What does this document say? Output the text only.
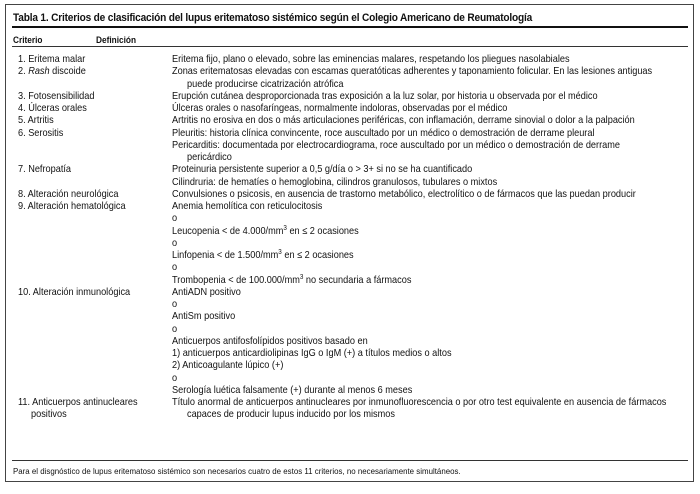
Tabla 1. Criterios de clasificación del lupus eritematoso sistémico según el Colegio Americano de Reumatología
Criterio	Definición
1. Eritema malar	Eritema fijo, plano o elevado, sobre las eminencias malares, respetando los pliegues nasolabiales
2. Rash discoide	Zonas eritematosas elevadas con escamas queratóticas adherentes y taponamiento folicular. En las lesiones antiguas
puede producirse cicatrización atrófica
3. Fotosensibilidad	Erupción cutánea desproporcionada tras exposición a la luz solar, por historia u observada por el médico
4. Úlceras orales	Úlceras orales o nasofaríngeas, normalmente indoloras, observadas por el médico
5. Artritis	Artritis no erosiva en dos o más articulaciones periféricas, con inflamación, derrame sinovial o dolor a la palpación
6. Serositis	Pleuritis: historia clínica convincente, roce auscultado por un médico o demostración de derrame pleural
Pericarditis: documentada por electrocardiograma, roce auscultado por un médico o demostración de derrame
pericárdico
7. Nefropatía	Proteinuria persistente superior a 0,5 g/día o > 3+ si no se ha cuantificado
Cilindruria: de hematíes o hemoglobina, cilindros granulosos, tubulares o mixtos
8. Alteración neurológica	Convulsiones o psicosis, en ausencia de trastorno metabólico, electrolítico o de fármacos que las puedan producir
9. Alteración hematológica	Anemia hemolítica con reticulocitosis
o
Leucopenia < de $4.000/mm^3$ en ≤ 2 ocasiones
o
Linfopenia < de $1.500/mm^3$ en ≤ 2 ocasiones
o
Trombopenia < de $100.000/mm^3$ no secundaria a fármacos
10. Alteración inmunológica	AntiADN positivo
o
AntiSm positivo
o
Anticuerpos antifosfolípidos positivos basado en
1) anticuerpos anticardiolipinas IgG o IgM (+) a títulos medios o altos
2) Anticoagulante lúpico (+)
o
Serología luética falsamente (+) durante al menos 6 meses
11. Anticuerpos antinucleares	Título anormal de anticuerpos antinucleares por inmunofluorescencia o por otro test equivalente en ausencia de fármacos
positivos	capaces de producir lupus inducido por los mismos
Para el disgnóstico de lupus eritematoso sistémico son necesarios cuatro de estos 11 criterios, no necesariamente simultáneos.
